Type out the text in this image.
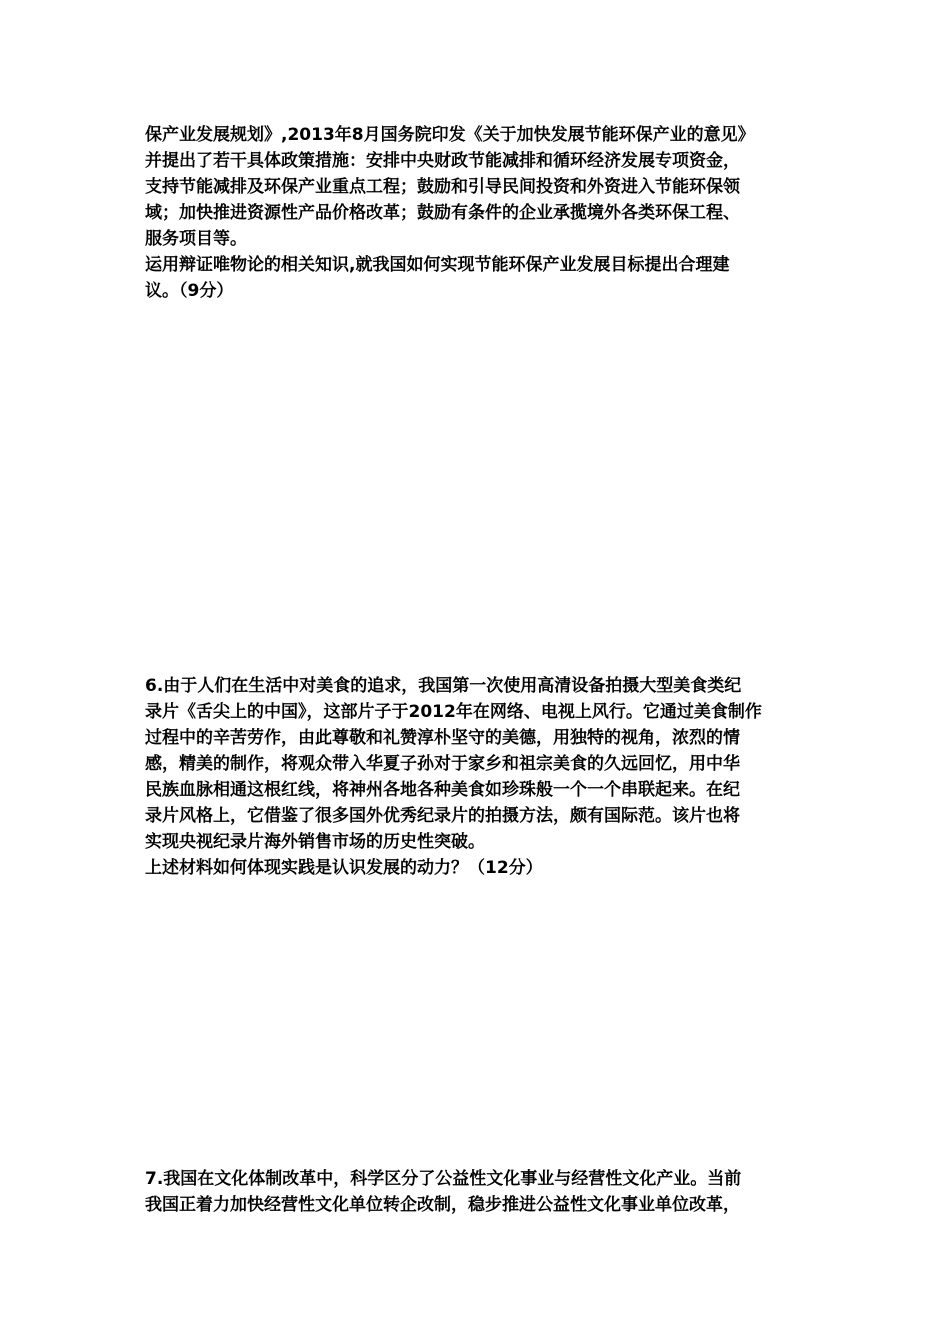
保产业发展规划》,2013年8月国务院印发《关于加快发展节能环保产业的意见》
并提出了若干具体政策措施：安排中央财政节能减排和循环经济发展专项资金，
支持节能减排及环保产业重点工程；鼓励和引导民间投资和外资进入节能环保领
域；加快推进资源性产品价格改革；鼓励有条件的企业承揽境外各类环保工程、
服务项目等。
运用辩证唯物论的相关知识,就我国如何实现节能环保产业发展目标提出合理建
议。（9分）
6.由于人们在生活中对美食的追求，我国第一次使用高清设备拍摄大型美食类纪
录片《舌尖上的中国》，这部片子于2012年在网络、电视上风行。它通过美食制作
过程中的辛苦劳作，由此尊敬和礼赞淳朴坚守的美德，用独特的视角，浓烈的情
感，精美的制作，将观众带入华夏子孙对于家乡和祖宗美食的久远回忆，用中华
民族血脉相通这根红线，将神州各地各种美食如珍珠般一个一个串联起来。在纪
录片风格上，它借鉴了很多国外优秀纪录片的拍摄方法，颇有国际范。该片也将
实现央视纪录片海外销售市场的历史性突破。
上述材料如何体现实践是认识发展的动力？（12分）
7.我国在文化体制改革中，科学区分了公益性文化事业与经营性文化产业。当前
我国正着力加快经营性文化单位转企改制，稳步推进公益性文化事业单位改革，
